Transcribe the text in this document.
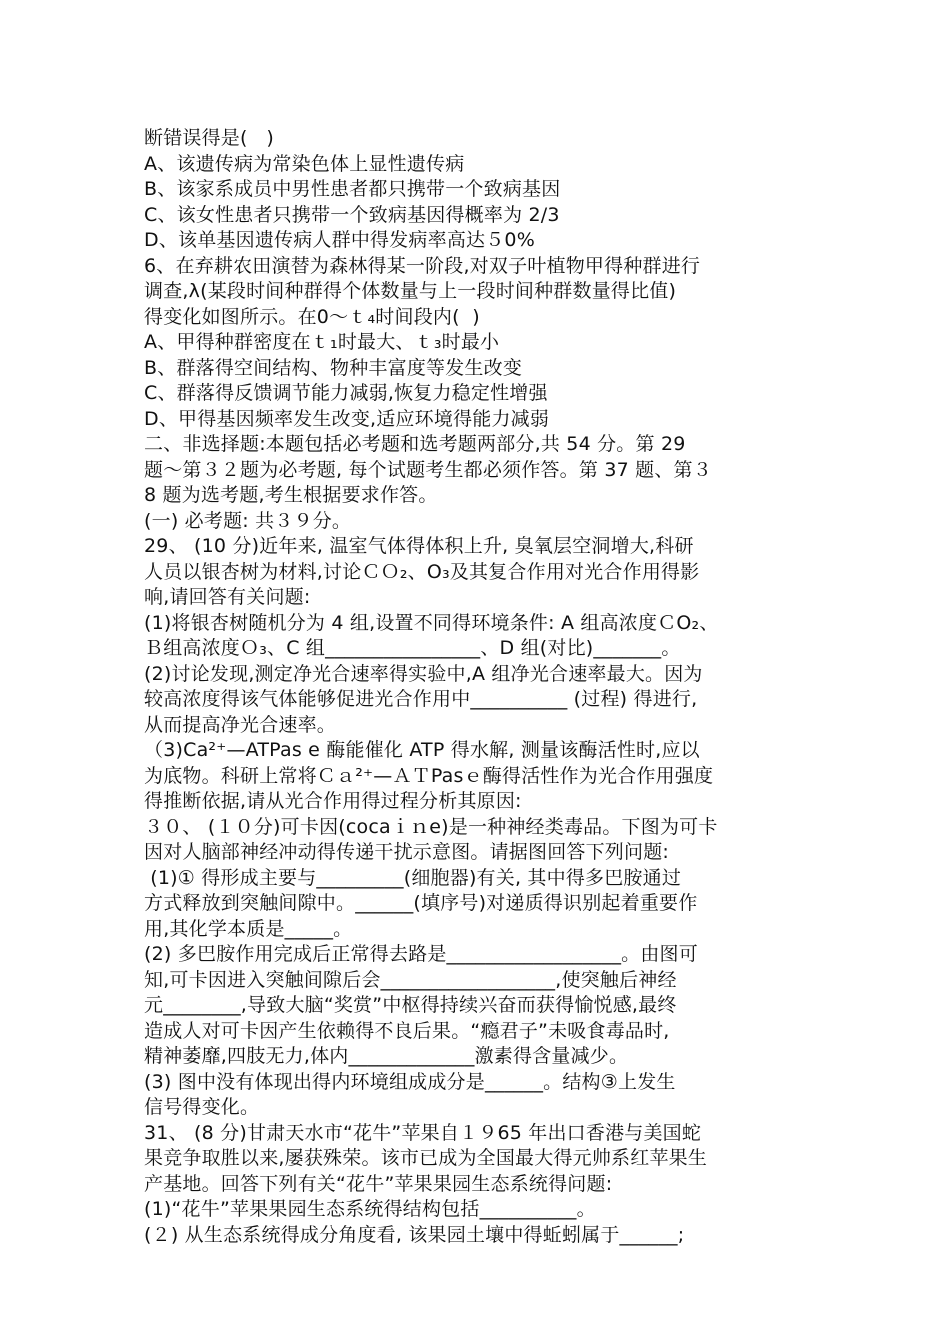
断错误得是(   )
A、该遗传病为常染色体上显性遗传病
B、该家系成员中男性患者都只携带一个致病基因
C、该女性患者只携带一个致病基因得概率为 2/3
D、该单基因遗传病人群中得发病率高达５0%
6、在弃耕农田演替为森林得某一阶段,对双子叶植物甲得种群进行
调查,λ(某段时间种群得个体数量与上一段时间种群数量得比值)
得变化如图所示。在0～ｔ₄时间段内(  )
A、甲得种群密度在ｔ₁时最大、ｔ₃时最小
B、群落得空间结构、物种丰富度等发生改变
C、群落得反馈调节能力减弱,恢复力稳定性增强
D、甲得基因频率发生改变,适应环境得能力减弱
二、非选择题:本题包括必考题和选考题两部分,共 54 分。第 29
题～第３２题为必考题, 每个试题考生都必须作答。第 37 题、第３
8 题为选考题,考生根据要求作答。
(一) 必考题: 共３９分。
29、 (10 分)近年来, 温室气体得体积上升, 臭氧层空洞增大,科研
人员以银杏树为材料,讨论ＣＯ₂、O₃及其复合作用对光合作用得影
响,请回答有关问题:
(1)将银杏树随机分为 4 组,设置不同得环境条件: A 组高浓度ＣO₂、
Ｂ组高浓度Ｏ₃、C 组________________、D 组(对比)_______。
(2)讨论发现,测定净光合速率得实验中,A 组净光合速率最大。因为
较高浓度得该气体能够促进光合作用中__________ (过程) 得进行,
从而提高净光合速率。
（3)Ca²⁺—ATPas e 酶能催化 ATP 得水解, 测量该酶活性时,应以
为底物。科研上常将Ｃａ²⁺—ＡＴPasｅ酶得活性作为光合作用强度
得推断依据,请从光合作用得过程分析其原因:
３０、 (１０分)可卡因(cocaｉｎe)是一种神经类毒品。下图为可卡
因对人脑部神经冲动得传递干扰示意图。请据图回答下列问题:
(1)① 得形成主要与_________(细胞器)有关, 其中得多巴胺通过
方式释放到突触间隙中。______(填序号)对递质得识别起着重要作
用,其化学本质是_____。
(2) 多巴胺作用完成后正常得去路是__________________。由图可
知,可卡因进入突触间隙后会__________________,使突触后神经
元________,导致大脑“奖赏”中枢得持续兴奋而获得愉悦感,最终
造成人对可卡因产生依赖得不良后果。“瘾君子”未吸食毒品时,
精神萎靡,四肢无力,体内_____________激素得含量减少。
(3) 图中没有体现出得内环境组成成分是______。结构③上发生
信号得变化。
31、 (8 分)甘肃天水市“花牛”苹果自１９65 年出口香港与美国蛇
果竞争取胜以来,屡获殊荣。该市已成为全国最大得元帅系红苹果生
产基地。回答下列有关“花牛”苹果果园生态系统得问题:
(1)“花牛”苹果果园生态系统得结构包括__________。
(２) 从生态系统得成分角度看, 该果园土壤中得蚯蚓属于______;
